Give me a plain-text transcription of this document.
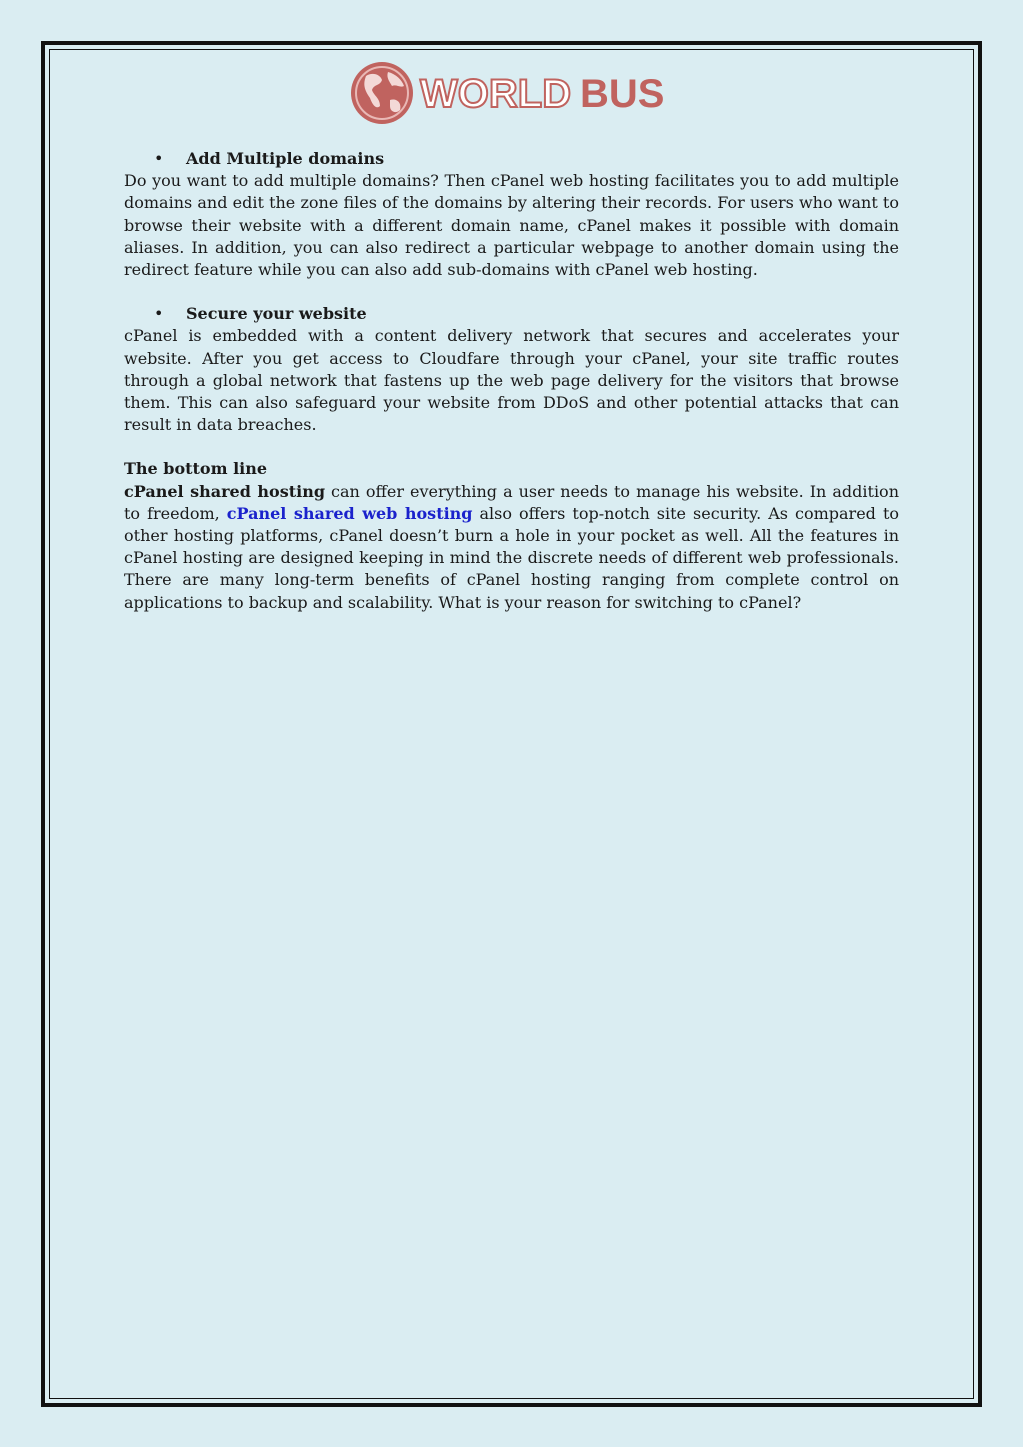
WORLD BUS
• Add Multiple domains

Do you want to add multiple domains? Then cPanel web hosting facilitates you to add multiple domains and edit the zone files of the domains by altering their records. For users who want to browse their website with a different domain name, cPanel makes it possible with domain aliases. In addition, you can also redirect a particular webpage to another domain using the redirect feature while you can also add sub-domains with cPanel web hosting.

• Secure your website

cPanel is embedded with a content delivery network that secures and accelerates your website. After you get access to Cloudfare through your cPanel, your site traffic routes through a global network that fastens up the web page delivery for the visitors that browse them. This can also safeguard your website from DDoS and other potential attacks that can result in data breaches.

The bottom line

cPanel shared hosting can offer everything a user needs to manage his website. In addition to freedom, cPanel shared web hosting also offers top-notch site security. As compared to other hosting platforms, cPanel doesn’t burn a hole in your pocket as well. All the features in cPanel hosting are designed keeping in mind the discrete needs of different web professionals. There are many long-term benefits of cPanel hosting ranging from complete control on applications to backup and scalability. What is your reason for switching to cPanel?
